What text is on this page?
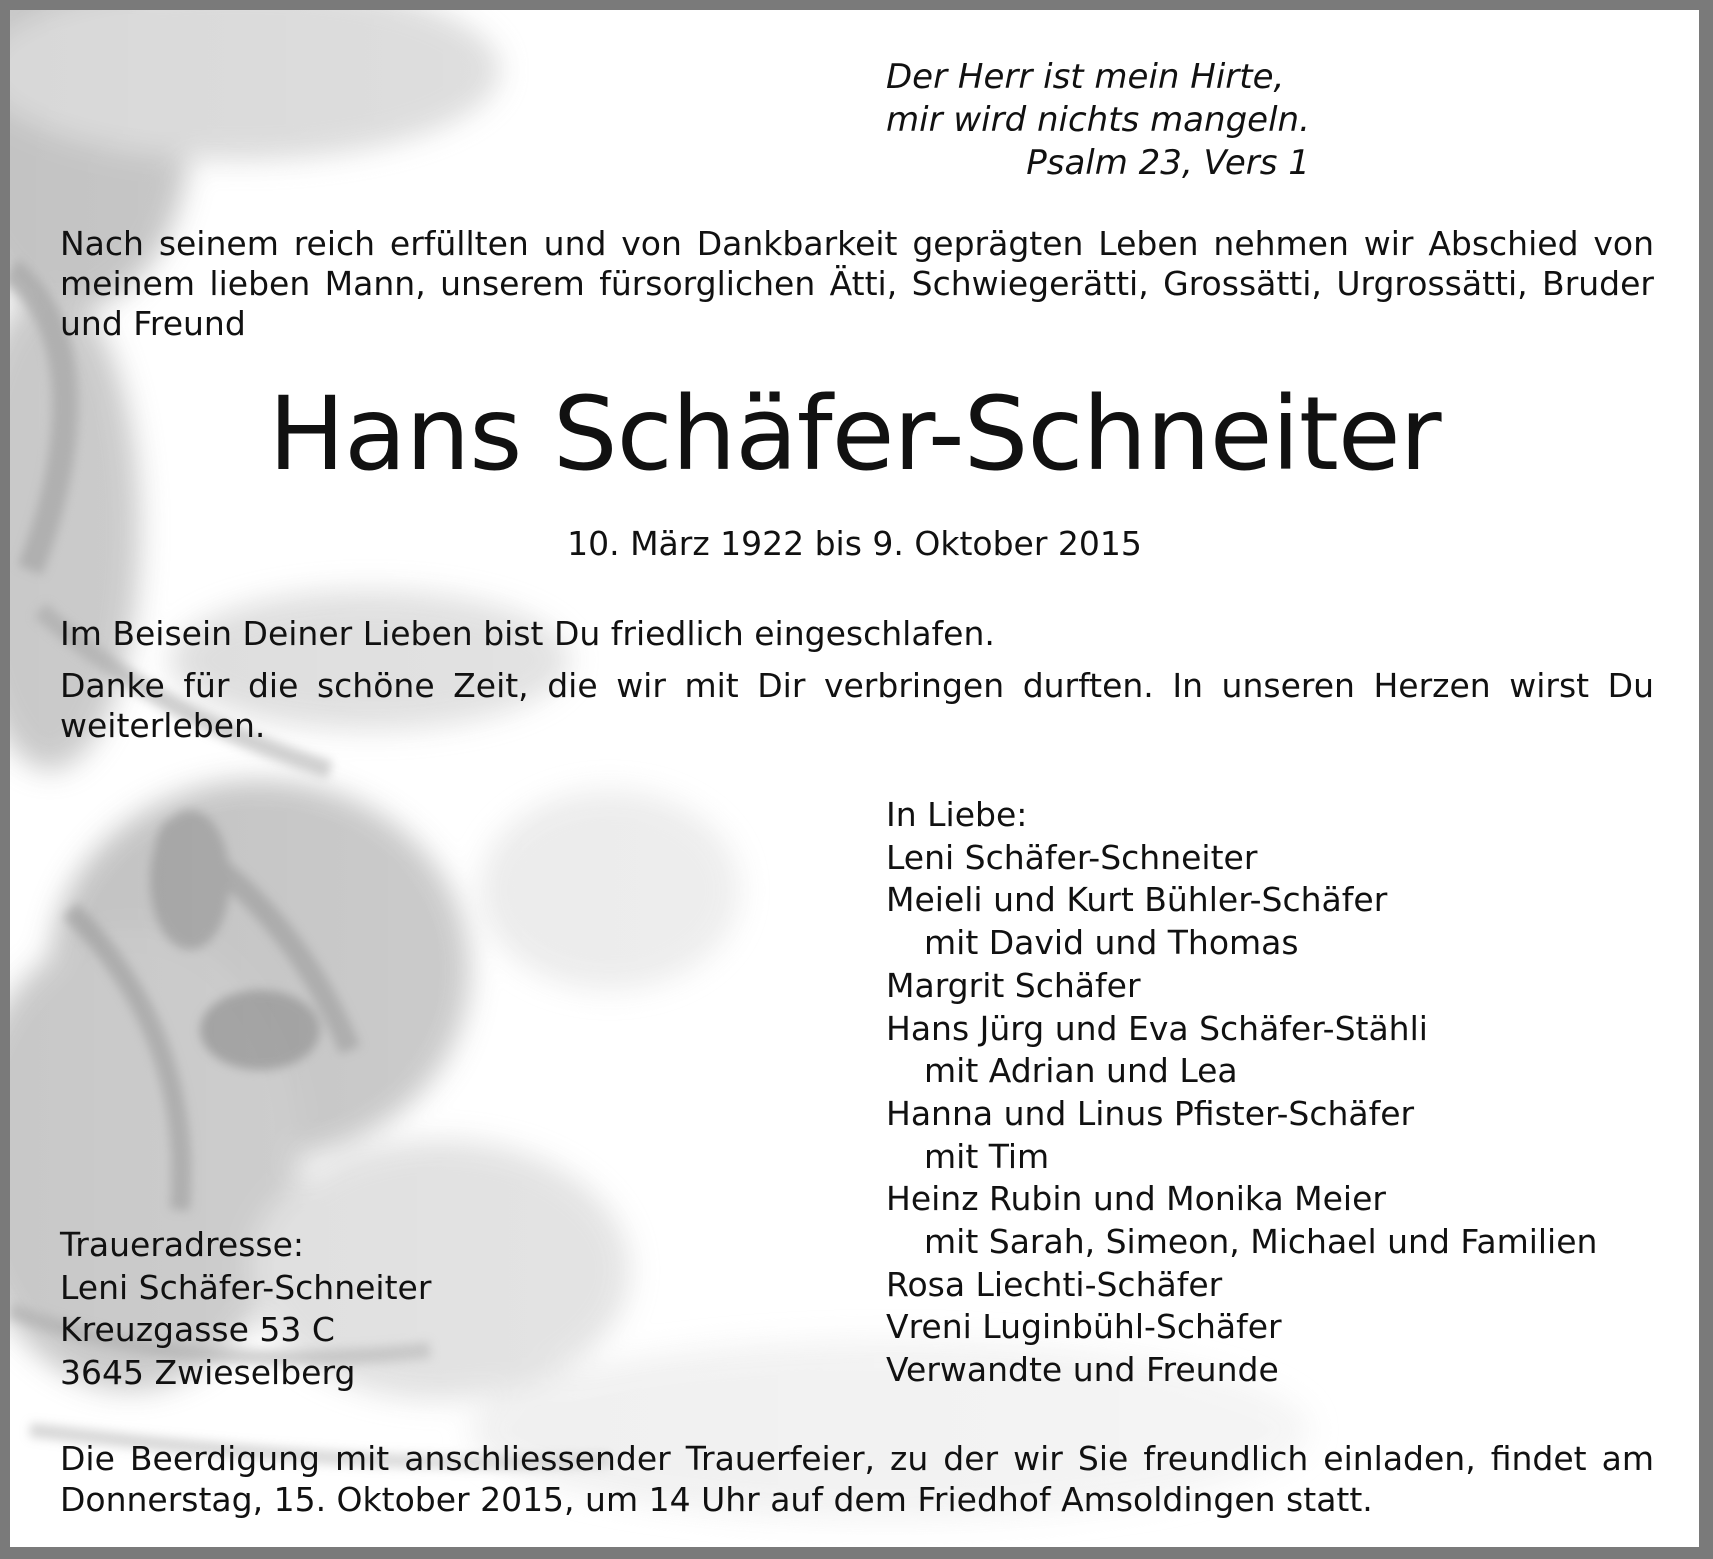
Der Herr ist mein Hirte,
mir wird nichts mangeln.
Psalm 23, Vers 1
Nach seinem reich erfüllten und von Dankbarkeit geprägten Leben nehmen wir Abschied von meinem lieben Mann, unserem fürsorglichen Ätti, Schwiegerätti, Grossätti, Urgrossätti, Bruder und Freund
Hans Schäfer-Schneiter
10. März 1922 bis 9. Oktober 2015
Im Beisein Deiner Lieben bist Du friedlich eingeschlafen.
Danke für die schöne Zeit, die wir mit Dir verbringen durften. In unseren Herzen wirst Du weiterleben.
In Liebe:
Leni Schäfer-Schneiter
Meieli und Kurt Bühler-Schäfer
mit David und Thomas
Margrit Schäfer
Hans Jürg und Eva Schäfer-Stähli
mit Adrian und Lea
Hanna und Linus Pfister-Schäfer
mit Tim
Heinz Rubin und Monika Meier
mit Sarah, Simeon, Michael und Familien
Rosa Liechti-Schäfer
Vreni Luginbühl-Schäfer
Verwandte und Freunde
Traueradresse:
Leni Schäfer-Schneiter
Kreuzgasse 53 C
3645 Zwieselberg
Die Beerdigung mit anschliessender Trauerfeier, zu der wir Sie freundlich einladen, findet am Donnerstag, 15. Oktober 2015, um 14 Uhr auf dem Friedhof Amsoldingen statt.
